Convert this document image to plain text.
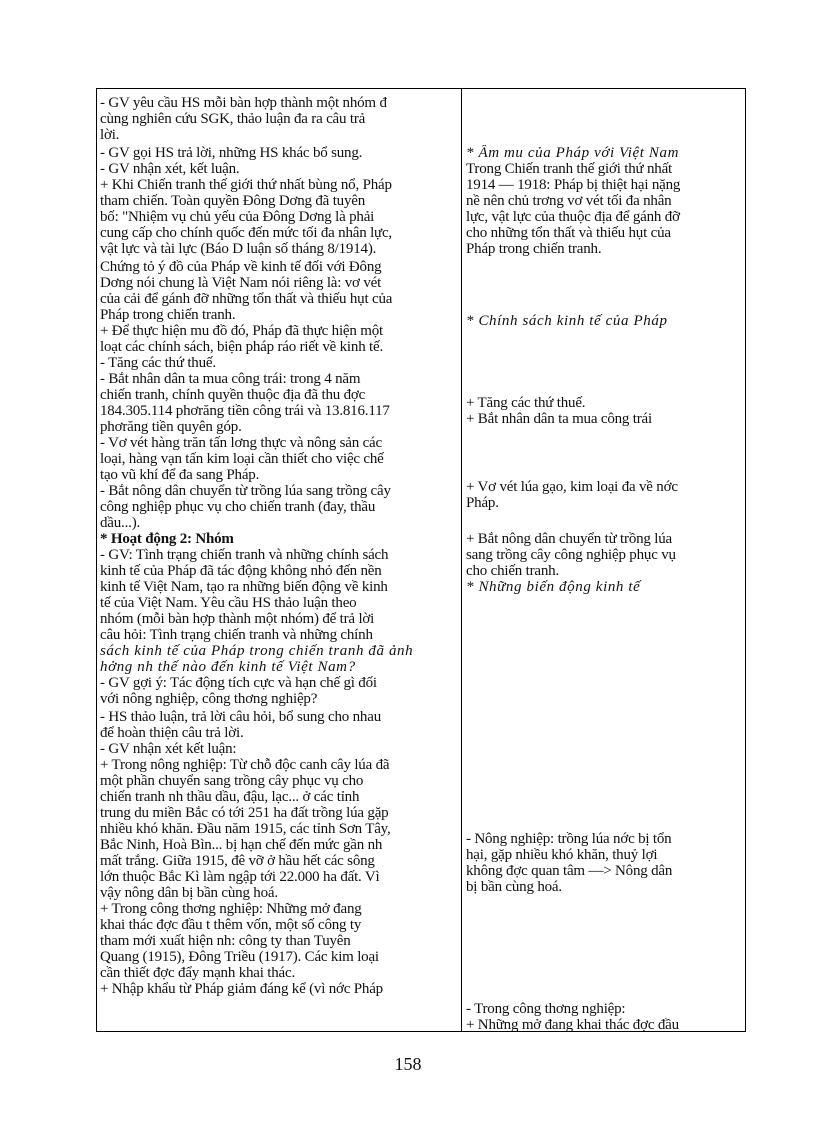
- GV yêu cầu HS mỗi bàn hợp thành một nhóm đ
cùng nghiên cứu SGK, thảo luận đa ra câu trả
lời.
- GV gọi HS trả lời, những HS khác bổ sung.
- GV nhận xét, kết luận.
+ Khi Chiến tranh thế giới thứ nhất bùng nổ, Pháp
tham chiến. Toàn quyền Đông Dơng đã tuyên
bố: "Nhiệm vụ chủ yếu của Đông Dơng là phải
cung cấp cho chính quốc đến mức tối đa nhân lực,
vật lực và tài lực (Báo D luận số tháng 8/1914).
Chứng tỏ ý đồ của Pháp về kinh tế đối với Đông
Dơng nói chung là Việt Nam nói riêng là: vơ vét
của cải để gánh đỡ những tổn thất và thiếu hụt của
Pháp trong chiến tranh.
+ Để thực hiện mu đồ đó, Pháp đã thực hiện một
loạt các chính sách, biện pháp ráo riết về kinh tế.
- Tăng các thứ thuế.
- Bắt nhân dân ta mua công trái: trong 4 năm
chiến tranh, chính quyền thuộc địa đã thu đợc
184.305.114 phơrăng tiền công trái và 13.816.117
phơrăng tiền quyên góp.
- Vơ vét hàng trăn tấn lơng thực và nông sản các
loại, hàng vạn tấn kim loại cần thiết cho việc chế
tạo vũ khí để đa sang Pháp.
- Bắt nông dân chuyển từ trồng lúa sang trồng cây
công nghiệp phục vụ cho chiến tranh (đay, thầu
dầu...).
* Hoạt động 2: Nhóm
- GV: Tình trạng chiến tranh và những chính sách
kinh tế của Pháp đã tác động không nhỏ đến nền
kinh tế Việt Nam, tạo ra những biến động về kinh
tế của Việt Nam. Yêu cầu HS thảo luận theo
nhóm (mỗi bàn hợp thành một nhóm) để trả lời
câu hỏi: Tình trạng chiến tranh và những chính
sách kinh tế của Pháp trong chiến tranh đã ảnh
hởng nh thế nào đến kinh tế Việt Nam?
- GV gợi ý: Tác động tích cực và hạn chế gì đối
với nông nghiệp, công thơng nghiệp?
- HS thảo luận, trả lời câu hỏi, bổ sung cho nhau
để hoàn thiện câu trả lời.
- GV nhận xét kết luận:
+ Trong nông nghiệp: Từ chỗ độc canh cây lúa đã
một phần chuyển sang trồng cây phục vụ cho
chiến tranh nh thầu dầu, đậu, lạc... ở các tỉnh
trung du miền Bắc có tới 251 ha đất trồng lúa gặp
nhiều khó khăn. Đầu năm 1915, các tỉnh Sơn Tây,
Bắc Ninh, Hoà Bìn... bị hạn chế đến mức gần nh
mất trắng. Giữa 1915, đê vỡ ở hầu hết các sông
lớn thuộc Bắc Kì làm ngập tới 22.000 ha đất. Vì
vậy nông dân bị bần cùng hoá.
+ Trong công thơng nghiệp: Những mở đang
khai thác đợc đầu t thêm vốn, một số công ty
tham mới xuất hiện nh: công ty than Tuyên
Quang (1915), Đông Triều (1917). Các kim loại
cần thiết đợc đẩy mạnh khai thác.
+ Nhập khẩu từ Pháp giảm đáng kể (vì nớc Pháp
* Âm mu của Pháp với Việt Nam
Trong Chiến tranh thế giới thứ nhất
1914 — 1918: Pháp bị thiệt hại nặng
nề nên chủ trơng vơ vét tối đa nhân
lực, vật lực của thuộc địa để gánh đỡ
cho những tổn thất và thiếu hụt của
Pháp trong chiến tranh.
* Chính sách kinh tế của Pháp
+ Tăng các thứ thuế.
+ Bắt nhân dân ta mua công trái
+ Vơ vét lúa gạo, kim loại đa về nớc
Pháp.
+ Bắt nông dân chuyển từ trồng lúa
sang trồng cây công nghiệp phục vụ
cho chiến tranh.
* Những biến động kinh tế
- Nông nghiệp: trồng lúa nớc bị tổn
hại, gặp nhiều khó khăn, thuỷ lợi
không đợc quan tâm —> Nông dân
bị bần cùng hoá.
- Trong công thơng nghiệp:
+ Những mở đang khai thác đợc đầu
158
